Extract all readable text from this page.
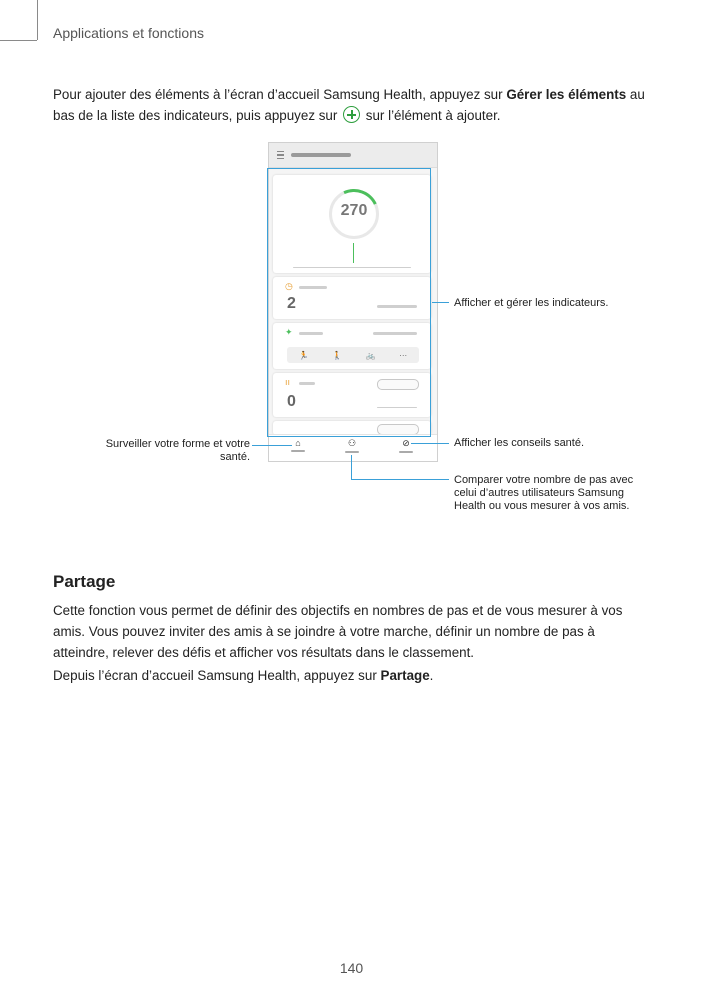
Applications et fonctions

Pour ajouter des éléments à l’écran d’accueil Samsung Health, appuyez sur Gérer les éléments au bas de la liste des indicateurs, puis appuyez sur  sur l’élément à ajouter.

270
◷
2
✦
🏃	🚶	🚲	···
ıı
0
⌂	⚇	⊘
Afficher et gérer les indicateurs.
Afficher les conseils santé.
Surveiller votre forme et votre santé.
Comparer votre nombre de pas avec celui d’autres utilisateurs Samsung Health ou vous mesurer à vos amis.
Partage

Cette fonction vous permet de définir des objectifs en nombres de pas et de vous mesurer à vos amis. Vous pouvez inviter des amis à se joindre à votre marche, définir un nombre de pas à atteindre, relever des défis et afficher vos résultats dans le classement.

Depuis l’écran d’accueil Samsung Health, appuyez sur Partage.

140
